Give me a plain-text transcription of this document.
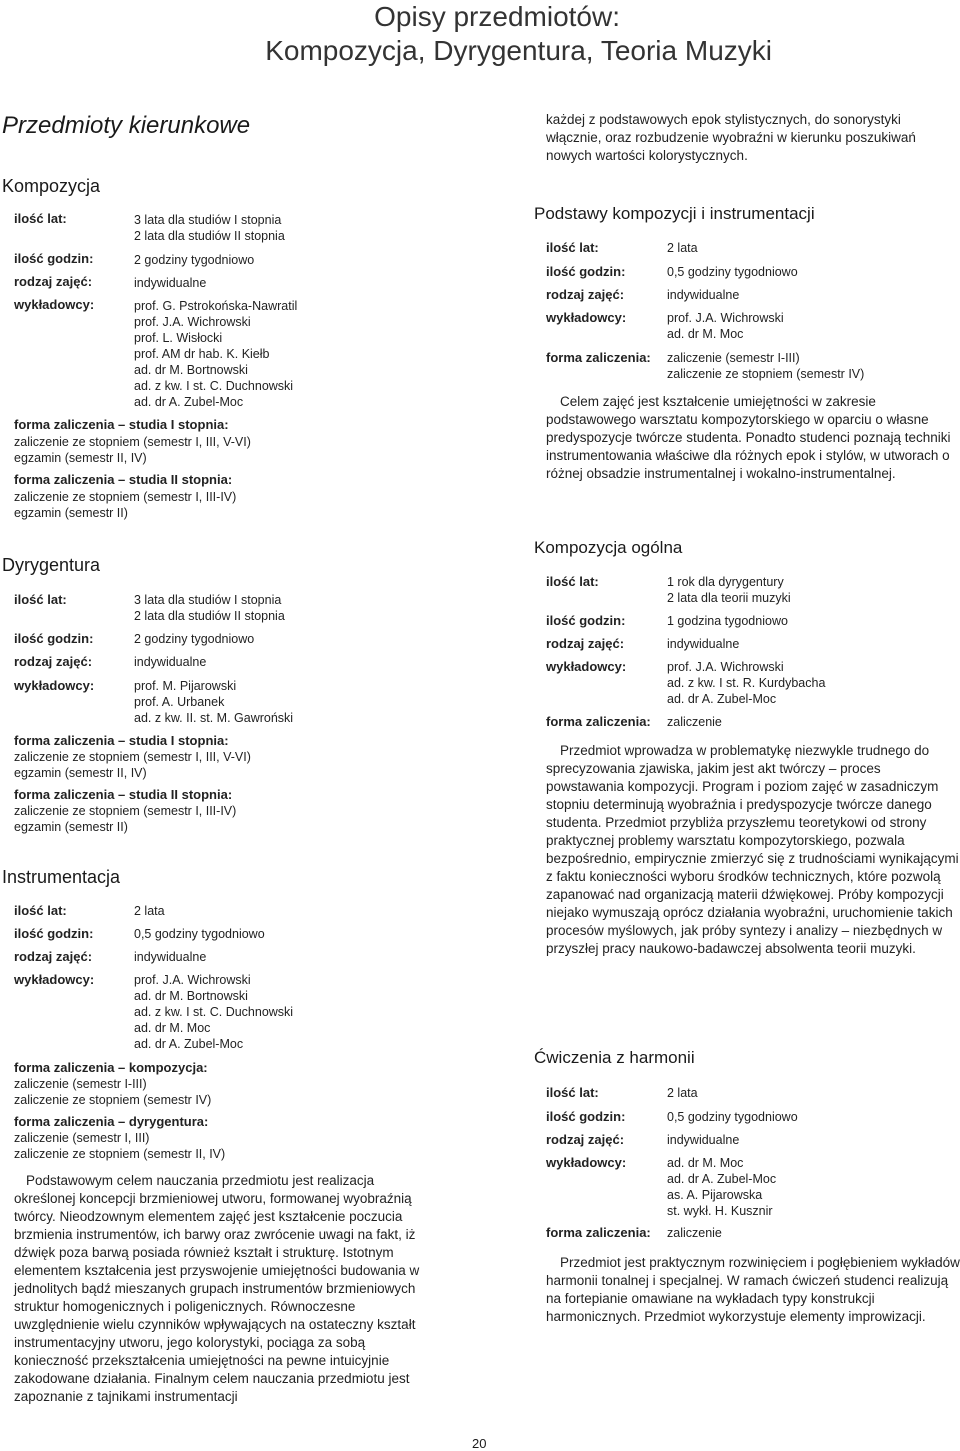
Opisy przedmiotów:
Kompozycja, Dyrygentura, Teoria Muzyki
Przedmioty kierunkowe
Kompozycja
ilość lat:	3 lata dla studiów I stopnia
2 lata dla studiów II stopnia
ilość godzin:	2 godziny tygodniowo
rodzaj zajęć:	indywidualne
wykładowcy:	prof. G. Pstrokońska-Nawratil
prof. J.A. Wichrowski
prof. L. Wisłocki
prof. AM dr hab. K. Kiełb
ad. dr M. Bortnowski
ad. z kw. I st. C. Duchnowski
ad. dr A. Zubel-Moc
forma zaliczenia – studia I stopnia:
zaliczenie ze stopniem (semestr I, III, V-VI)
egzamin (semestr II, IV)
forma zaliczenia – studia II stopnia:
zaliczenie ze stopniem (semestr I, III-IV)
egzamin (semestr II)
Dyrygentura
ilość lat:	3 lata dla studiów I stopnia
2 lata dla studiów II stopnia
ilość godzin:	2 godziny tygodniowo
rodzaj zajęć:	indywidualne
wykładowcy:	prof. M. Pijarowski
prof. A. Urbanek
ad. z kw. II. st. M. Gawroński
forma zaliczenia – studia I stopnia:
zaliczenie ze stopniem (semestr I, III, V-VI)
egzamin (semestr II, IV)
forma zaliczenia – studia II stopnia:
zaliczenie ze stopniem (semestr I, III-IV)
egzamin (semestr II)
Instrumentacja
ilość lat:	2 lata
ilość godzin:	0,5 godziny tygodniowo
rodzaj zajęć:	indywidualne
wykładowcy:	prof. J.A. Wichrowski
ad. dr M. Bortnowski
ad. z kw. I st. C. Duchnowski
ad. dr M. Moc
ad. dr A. Zubel-Moc
forma zaliczenia – kompozycja:
zaliczenie (semestr I-III)
zaliczenie ze stopniem (semestr IV)
forma zaliczenia – dyrygentura:
zaliczenie (semestr I, III)
zaliczenie ze stopniem (semestr II, IV)
Podstawowym celem nauczania przedmiotu jest realizacja określonej koncepcji brzmieniowej utworu, formowanej wyobraźnią twórcy. Nieodzownym elementem zajęć jest kształcenie poczucia brzmienia instrumentów, ich barwy oraz zwrócenie uwagi na fakt, iż dźwięk poza barwą posiada również kształt i strukturę. Istotnym elementem kształcenia jest przyswojenie umiejętności budowania w jednolitych bądź mieszanych grupach instrumentów brzmieniowych struktur homogenicznych i poligenicznych. Równoczesne uwzględnienie wielu czynników wpływających na ostateczny kształt instrumentacyjny utworu, jego kolorystyki, pociąga za sobą konieczność przekształcenia umiejętności na pewne intuicyjnie zakodowane działania. Finalnym celem nauczania przedmiotu jest zapoznanie z tajnikami instrumentacji
każdej z podstawowych epok stylistycznych, do sonorystyki włącznie, oraz rozbudzenie wyobraźni w kierunku poszukiwań nowych wartości kolorystycznych.
Podstawy kompozycji i instrumentacji
ilość lat:	2 lata
ilość godzin:	0,5 godziny tygodniowo
rodzaj zajęć:	indywidualne
wykładowcy:	prof. J.A. Wichrowski
ad. dr M. Moc
forma zaliczenia: zaliczenie (semestr I-III)
zaliczenie ze stopniem (semestr IV)
Celem zajęć jest kształcenie umiejętności w zakresie podstawowego warsztatu kompozytorskiego w oparciu o własne predyspozycje twórcze studenta. Ponadto studenci poznają techniki instrumentowania właściwe dla różnych epok i stylów, w utworach o różnej obsadzie instrumentalnej i wokalno-instrumentalnej.
Kompozycja ogólna
ilość lat:	1 rok dla dyrygentury
2 lata dla teorii muzyki
ilość godzin:	1 godzina tygodniowo
rodzaj zajęć:	indywidualne
wykładowcy:	prof. J.A. Wichrowski
ad. z kw. I st. R. Kurdybacha
ad. dr A. Zubel-Moc
forma zaliczenia: zaliczenie
Przedmiot wprowadza w problematykę niezwykle trudnego do sprecyzowania zjawiska, jakim jest akt twórczy – proces powstawania kompozycji. Program i poziom zajęć w zasadniczym stopniu determinują wyobraźnia i predyspozycje twórcze danego studenta. Przedmiot przybliża przyszłemu teoretykowi od strony praktycznej problemy warsztatu kompozytorskiego, pozwala bezpośrednio, empirycznie zmierzyć się z trudnościami wynikającymi z faktu konieczności wyboru środków technicznych, które pozwolą zapanować nad organizacją materii dźwiękowej. Próby kompozycji niejako wymuszają oprócz działania wyobraźni, uruchomienie takich procesów myślowych, jak próby syntezy i analizy – niezbędnych w przyszłej pracy naukowo-badawczej absolwenta teorii muzyki.
Ćwiczenia z harmonii
ilość lat:	2 lata
ilość godzin:	0,5 godziny tygodniowo
rodzaj zajęć:	indywidualne
wykładowcy:	ad. dr M. Moc
ad. dr A. Zubel-Moc
as. A. Pijarowska
st. wykł. H. Kusznir
forma zaliczenia: zaliczenie
Przedmiot jest praktycznym rozwinięciem i pogłębieniem wykładów harmonii tonalnej i specjalnej. W ramach ćwiczeń studenci realizują na fortepianie omawiane na wykładach typy konstrukcji harmonicznych. Przedmiot wykorzystuje elementy improwizacji.
20
